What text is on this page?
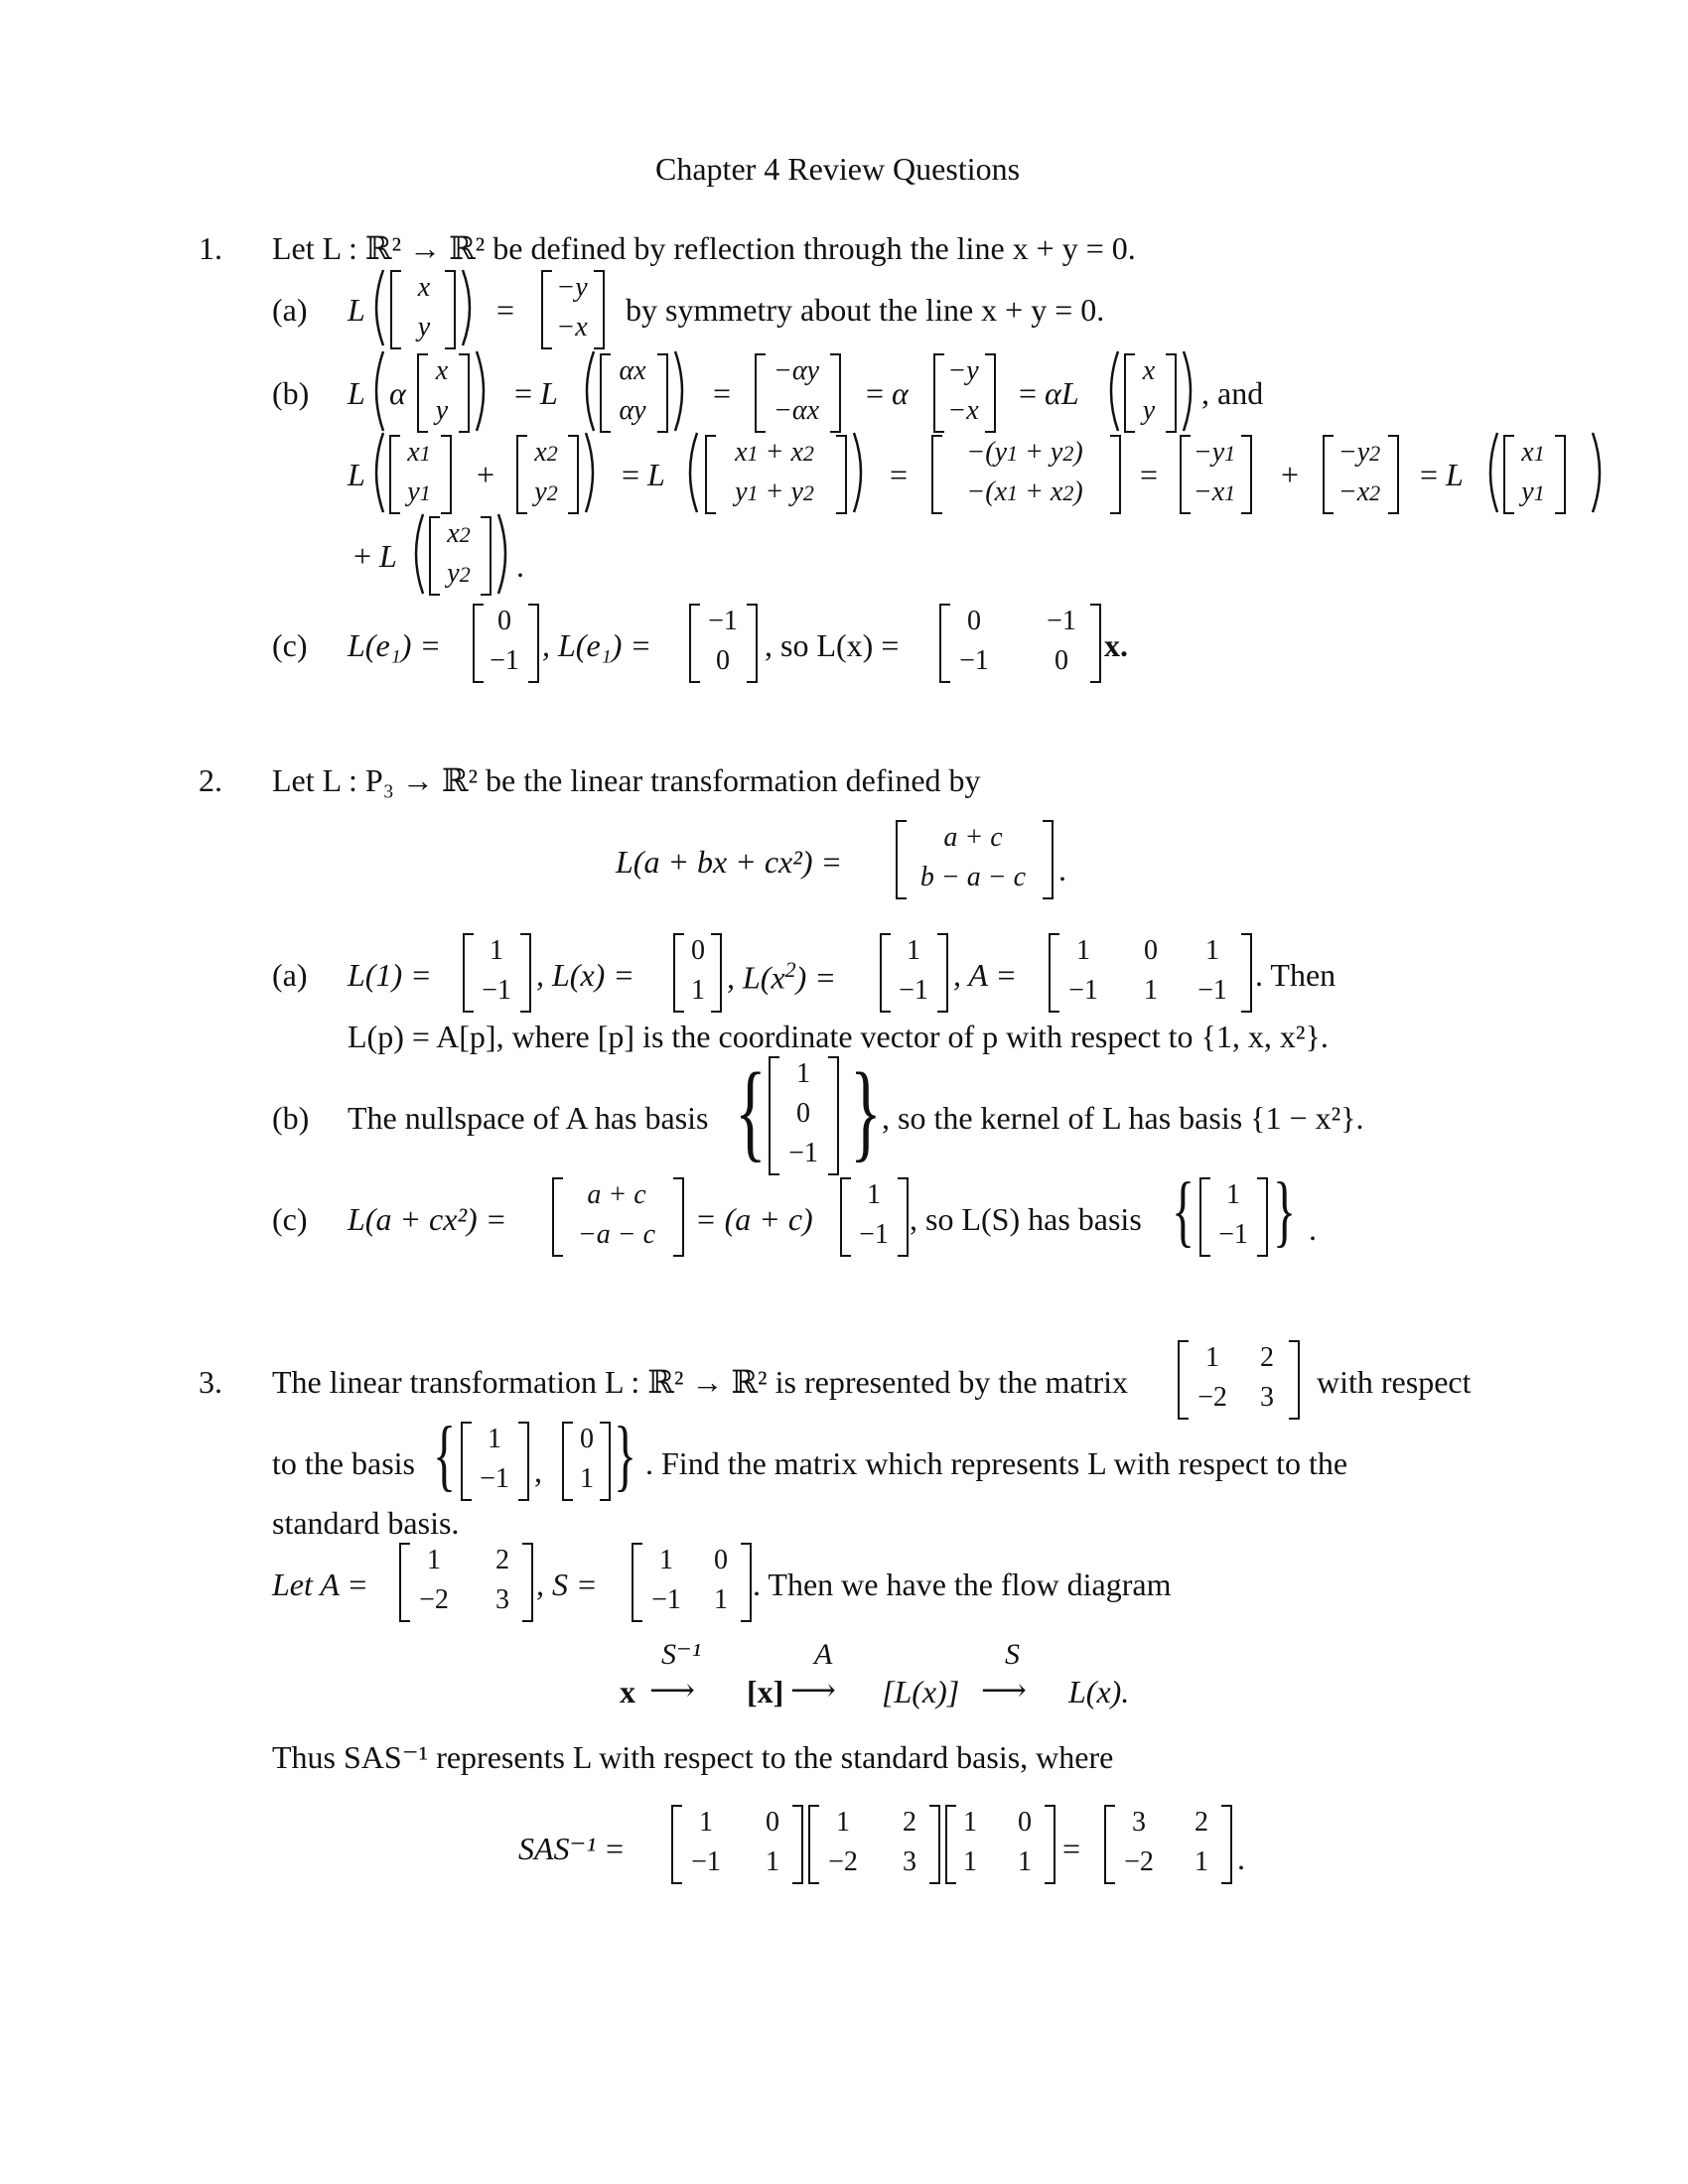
Chapter 4 Review Questions
1. Let L : ℝ² → ℝ² be defined by reflection through the line x + y = 0.
(a) L
x
y =
−y
−x by symmetry about the line x + y = 0.
(b) L α
x
y = L
αx
αy =
−αy
−αx = α
−y
−x = αL
x
y , and
L
x1
y1
+
x2
y2
= L
x1 + x2
y1 + y2
=
−(y1 + y2)
−(x1 + x2)	=
−y1
−x1
+
−y2
−x2
= L
x1
y1
+ L
x2
y2 .
(c) L(e₁) =
0
−1 , L(e₁) =
−1
0	, so L(x) =
0	−1
−1	0	x.
2. Let L : P₃ → ℝ² be the linear transformation defined by
L(a + bx + cx²) =
a + c
b − a − c	.
(a) L(1) =
1
−1 , L(x) =
0
1 , $L(x^2)$ =
1
−1 , A =
1	0	1
−1	1	−1 . Then
L(p) = A[p], where [p] is the coordinate vector of p with respect to {1, x, x²}.
(b) The nullspace of A has basis {	1
0
−1 } , so the kernel of L has basis {1 − x²}.
(c) L(a + cx²) =
a + c
−a − c	= (a + c)
1
−1 , so L(S) has basis {	1
−1 } .
3. The linear transformation L : ℝ² → ℝ² is represented by the matrix
1	2
−2	3	with respect
to the basis {	1
−1 ,
0
1 } . Find the matrix which represents L with respect to the
standard basis.
Let A =
1	2
−2	3 , S =
1	0
−1	1 . Then we have the flow diagram
x
S⁻¹
⟶ [x]
A
⟶ [L(x)]
S
⟶ L(x).
Thus SAS⁻¹ represents L with respect to the standard basis, where
SAS⁻¹ =
1	0
−1	1
1	2
−2	3
1	0
1	1 =
3	2
−2	1 .
